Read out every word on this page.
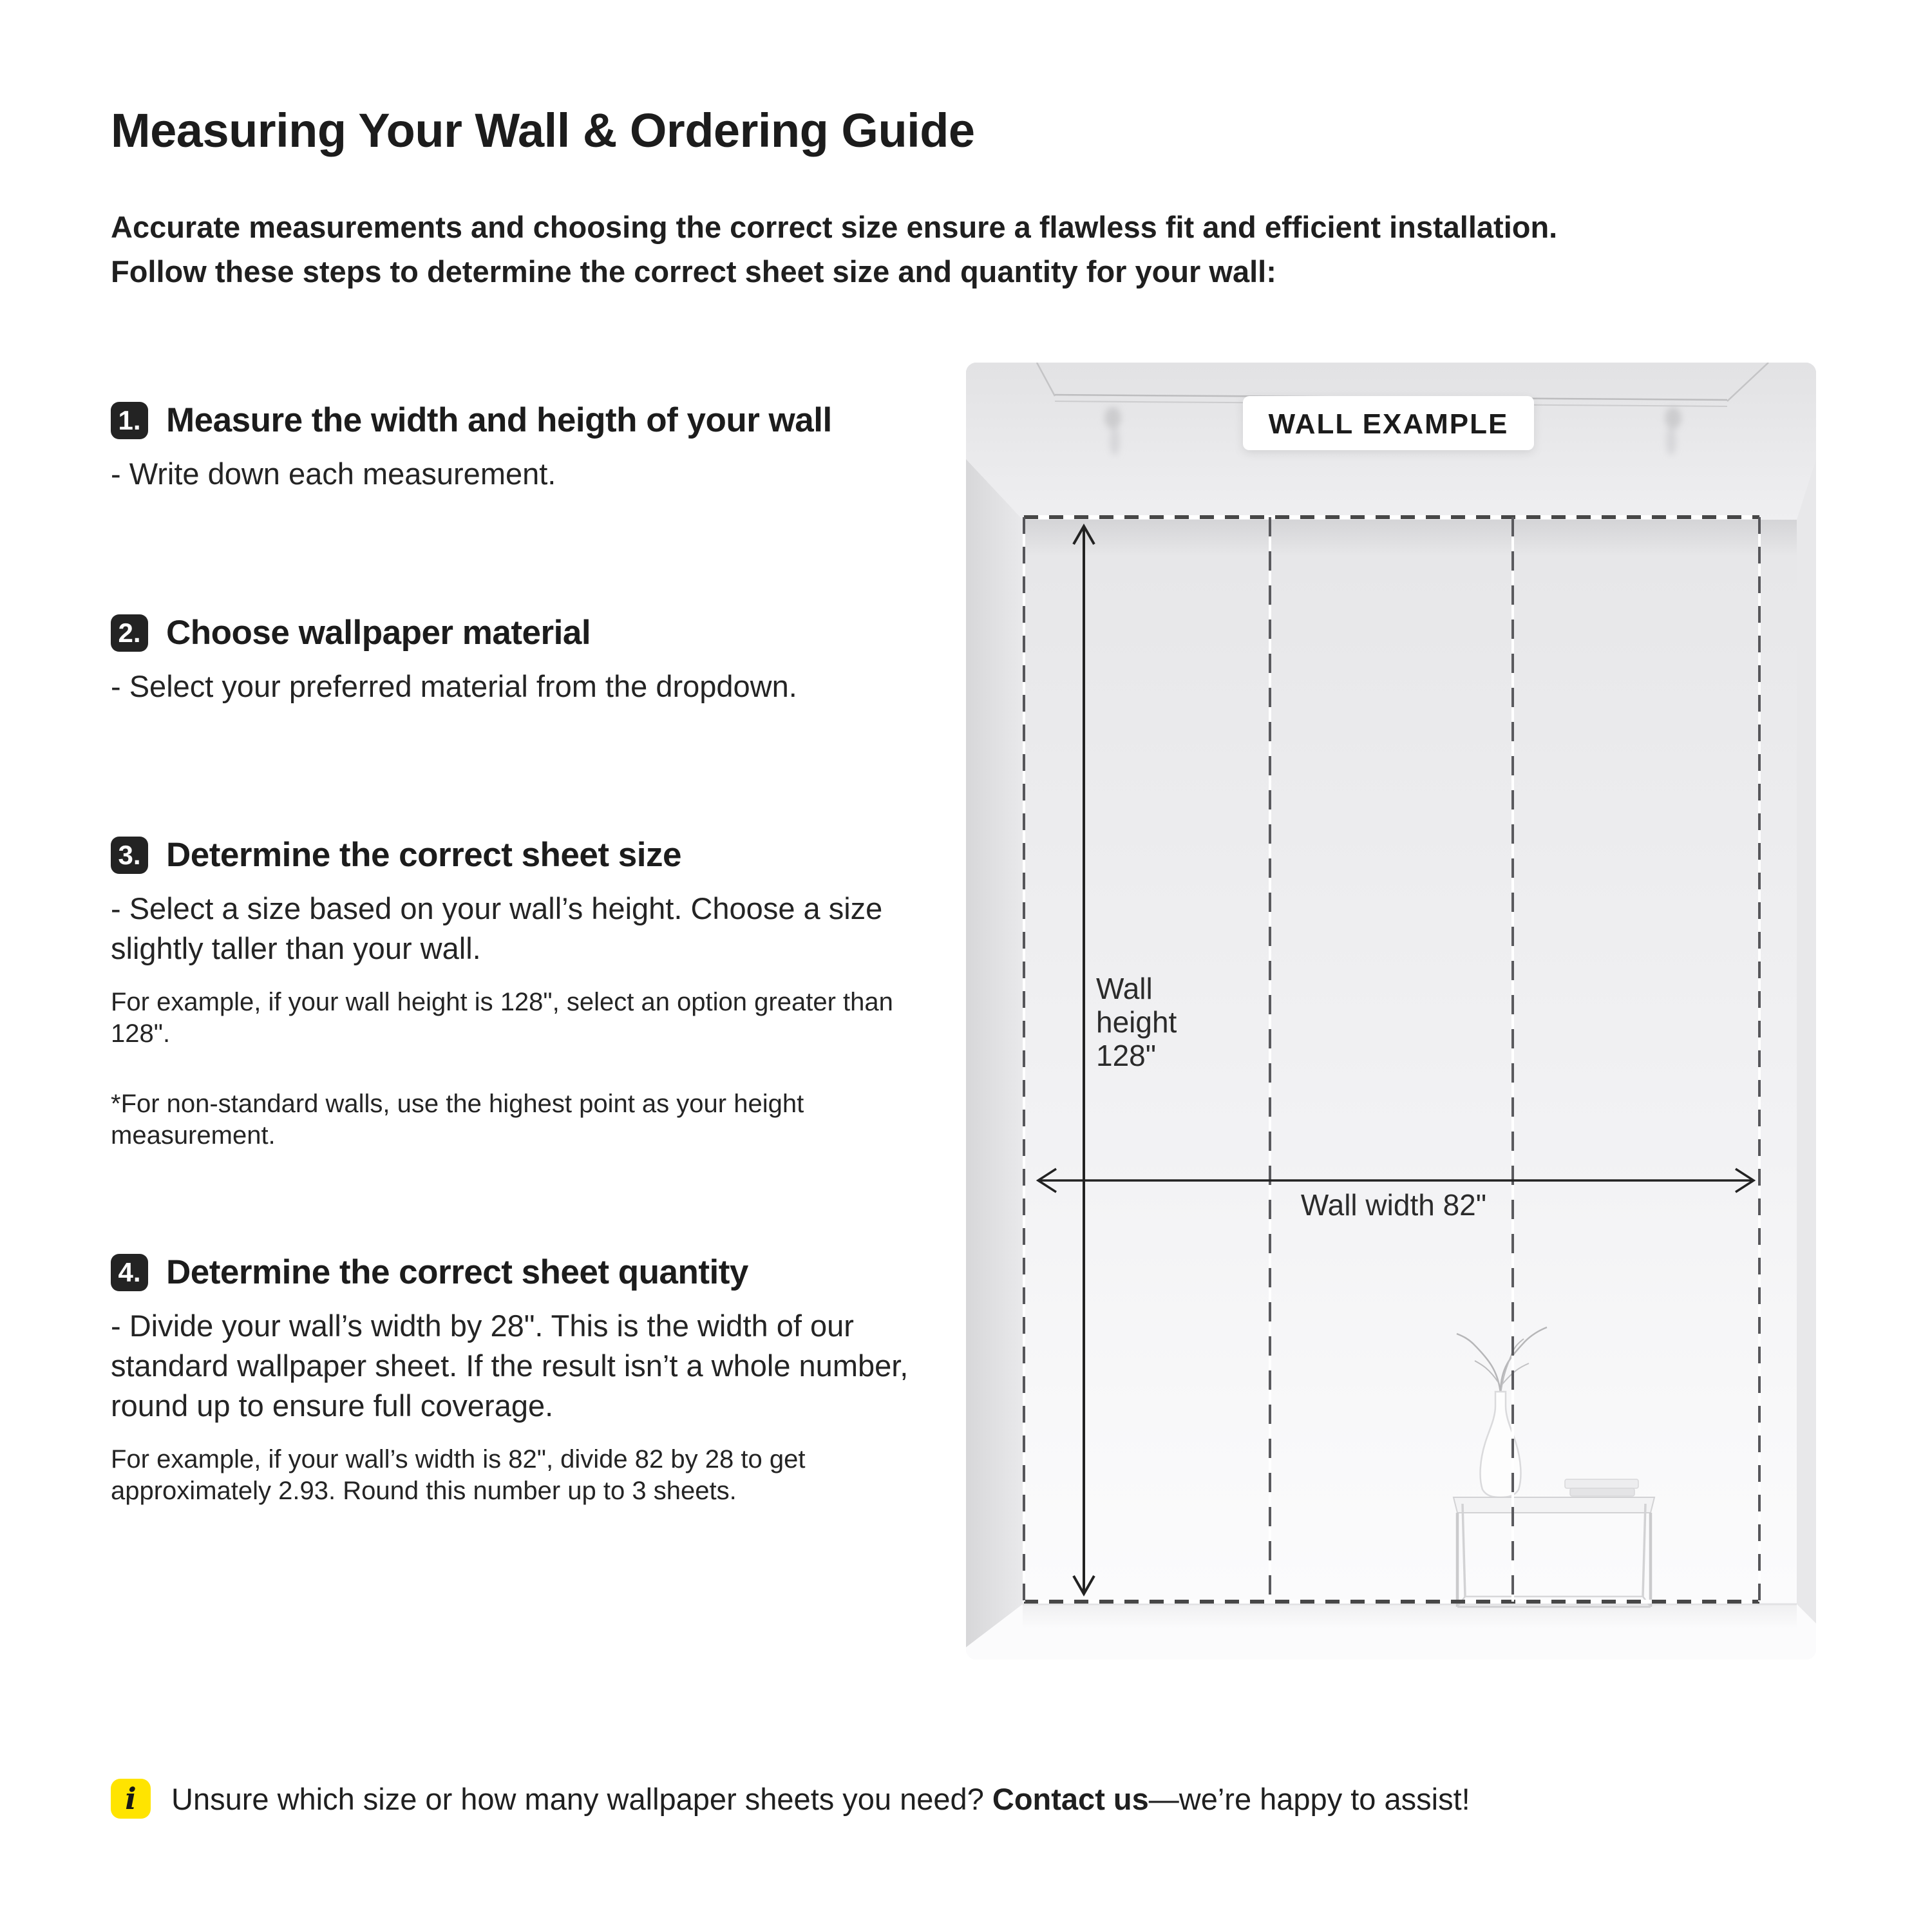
Measuring Your Wall & Ordering Guide
Accurate measurements and choosing the correct size ensure a flawless fit and efficient installation.
Follow these steps to determine the correct sheet size and quantity for your wall:
1. Measure the width and heigth of your wall
- Write down each measurement.
2. Choose wallpaper material
- Select your preferred material from the dropdown.
3. Determine the correct sheet size
- Select a size based on your wall’s height. Choose a size slightly taller than your wall.
For example, if your wall height is 128", select an option greater than 128".
*For non-standard walls, use the highest point as your height measurement.
4. Determine the correct sheet quantity
- Divide your wall’s width by 28". This is the width of our standard wallpaper sheet. If the result isn’t a whole number, round up to ensure full coverage.
For example, if your wall’s width is 82", divide 82 by 28 to get approximately 2.93. Round this number up to 3 sheets.
Wall
height
128"
Wall width 82"
WALL EXAMPLE
i	Unsure which size or how many wallpaper sheets you need? Contact us—we’re happy to assist!
